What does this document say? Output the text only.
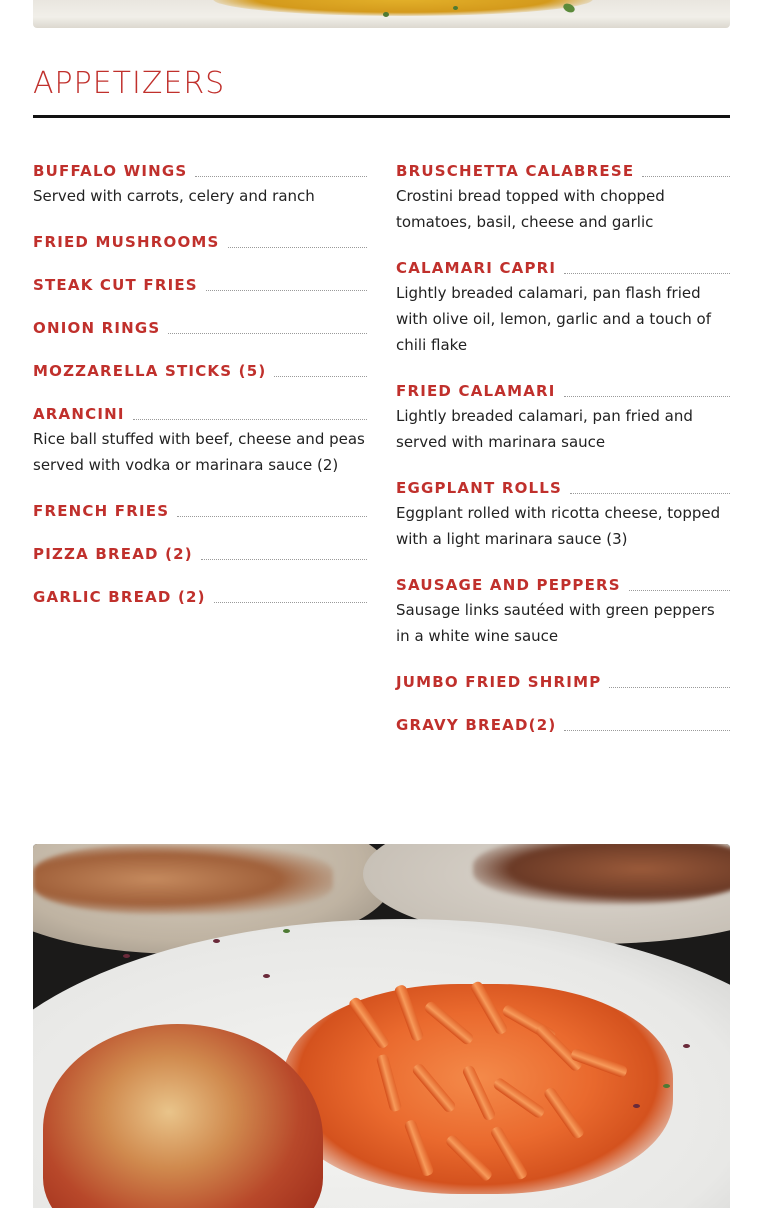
APPETIZERS
BUFFALO WINGS
Served with carrots, celery and ranch
FRIED MUSHROOMS
STEAK CUT FRIES
ONION RINGS
MOZZARELLA STICKS (5)
ARANCINI
Rice ball stuffed with beef, cheese and peas served with vodka or marinara sauce (2)
FRENCH FRIES
PIZZA BREAD (2)
GARLIC BREAD (2)
BRUSCHETTA CALABRESE
Crostini bread topped with chopped tomatoes, basil, cheese and garlic
CALAMARI CAPRI
Lightly breaded calamari, pan flash fried with olive oil, lemon, garlic and a touch of chili flake
FRIED CALAMARI
Lightly breaded calamari, pan fried and served with marinara sauce
EGGPLANT ROLLS
Eggplant rolled with ricotta cheese, topped with a light marinara sauce (3)
SAUSAGE AND PEPPERS
Sausage links sautéed with green peppers in a white wine sauce
JUMBO FRIED SHRIMP
GRAVY BREAD(2)
